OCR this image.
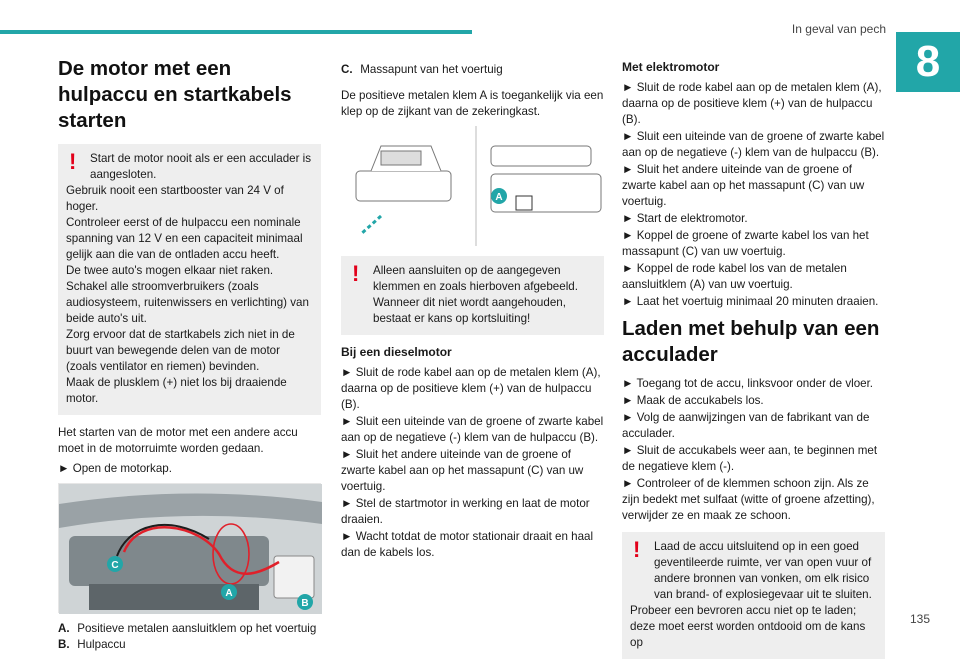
In geval van pech
8
De motor met een hulpaccu en startkabels starten
!	Start de motor nooit als er een acculader is aangesloten.
Gebruik nooit een startbooster van 24 V of hoger.
Controleer eerst of de hulpaccu een nominale spanning van 12 V en een capaciteit minimaal gelijk aan die van de ontladen accu heeft.
De twee auto's mogen elkaar niet raken.
Schakel alle stroomverbruikers (zoals audiosysteem, ruitenwissers en verlichting) van beide auto's uit.
Zorg ervoor dat de startkabels zich niet in de buurt van bewegende delen van de motor (zoals ventilator en riemen) bevinden.
Maak de plusklem (+) niet los bij draaiende motor.

Het starten van de motor met een andere accu moet in de motorruimte worden gedaan.

► Open de motorkap.
C
A
B
A. Positieve metalen aansluitklem op het voertuig
B. Hulpaccu
C. Massapunt van het voertuig

De positieve metalen klem A is toegankelijk via een klep op de zijkant van de zekeringkast.

A
!	Alleen aansluiten op de aangegeven klemmen en zoals hierboven afgebeeld. Wanneer dit niet wordt aangehouden, bestaat er kans op kortsluiting!
Bij een dieselmotor
► Sluit de rode kabel aan op de metalen klem (A), daarna op de positieve klem (+) van de hulpaccu (B).
► Sluit een uiteinde van de groene of zwarte kabel aan op de negatieve (-) klem van de hulpaccu (B).
► Sluit het andere uiteinde van de groene of zwarte kabel aan op het massapunt (C) van uw voertuig.
► Stel de startmotor in werking en laat de motor draaien.
► Wacht totdat de motor stationair draait en haal dan de kabels los.
Met elektromotor
► Sluit de rode kabel aan op de metalen klem (A), daarna op de positieve klem (+) van de hulpaccu (B).
► Sluit een uiteinde van de groene of zwarte kabel aan op de negatieve (-) klem van de hulpaccu (B).
► Sluit het andere uiteinde van de groene of zwarte kabel aan op het massapunt (C) van uw voertuig.
► Start de elektromotor.
► Koppel de groene of zwarte kabel los van het massapunt (C) van uw voertuig.
► Koppel de rode kabel los van de metalen aansluitklem (A) van uw voertuig.
► Laat het voertuig minimaal 20 minuten draaien.
Laden met behulp van een acculader
► Toegang tot de accu, linksvoor onder de vloer.
► Maak de accukabels los.
► Volg de aanwijzingen van de fabrikant van de acculader.
► Sluit de accukabels weer aan, te beginnen met de negatieve klem (-).
► Controleer of de klemmen schoon zijn. Als ze zijn bedekt met sulfaat (witte of groene afzetting), verwijder ze en maak ze schoon.
!	Laad de accu uitsluitend op in een goed geventileerde ruimte, ver van open vuur of andere bronnen van vonken, om elk risico van brand- of explosiegevaar uit te sluiten.
Probeer een bevroren accu niet op te laden; deze moet eerst worden ontdooid om de kans op
135
